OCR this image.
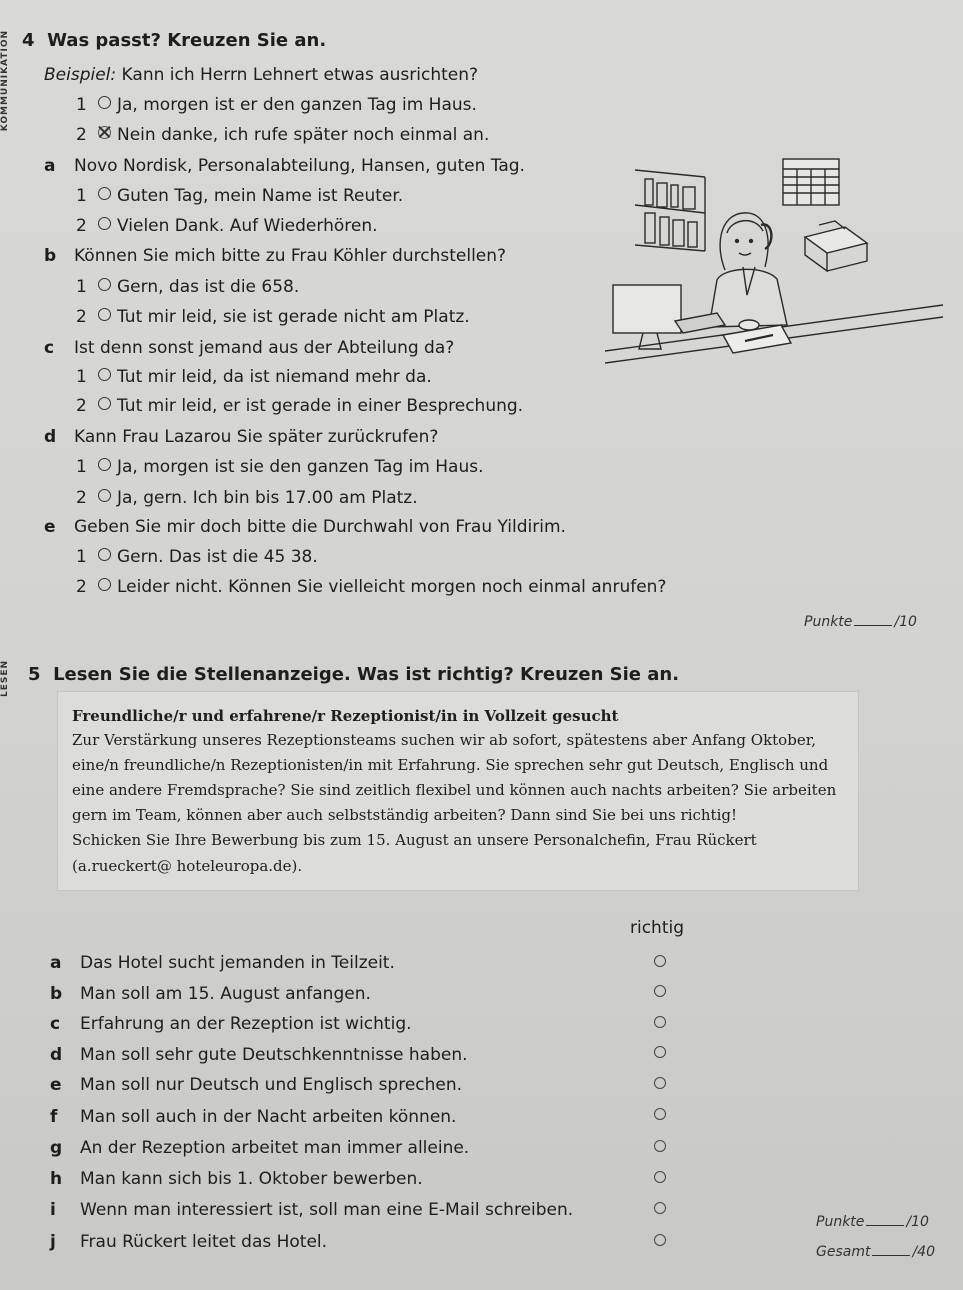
KOMMUNIKATION
LESEN
4 Was passt? Kreuzen Sie an.
Beispiel: Kann ich Herrn Lehnert etwas ausrichten?
1 Ja, morgen ist er den ganzen Tag im Haus.
2 Nein danke, ich rufe später noch einmal an.
a Novo Nordisk, Personalabteilung, Hansen, guten Tag.
1 Guten Tag, mein Name ist Reuter.
2 Vielen Dank. Auf Wiederhören.
b Können Sie mich bitte zu Frau Köhler durchstellen?
1 Gern, das ist die 658.
2 Tut mir leid, sie ist gerade nicht am Platz.
c Ist denn sonst jemand aus der Abteilung da?
1 Tut mir leid, da ist niemand mehr da.
2 Tut mir leid, er ist gerade in einer Besprechung.
d Kann Frau Lazarou Sie später zurückrufen?
1 Ja, morgen ist sie den ganzen Tag im Haus.
2 Ja, gern. Ich bin bis 17.00 am Platz.
e Geben Sie mir doch bitte die Durchwahl von Frau Yildirim.
1 Gern. Das ist die 45 38.
2 Leider nicht. Können Sie vielleicht morgen noch einmal anrufen?
Punkte	/10
5 Lesen Sie die Stellenanzeige. Was ist richtig? Kreuzen Sie an.
Freundliche/r und erfahrene/r Rezeptionist/in in Vollzeit gesucht
Zur Verstärkung unseres Rezeptionsteams suchen wir ab sofort, spätestens aber Anfang Oktober,
eine/n freundliche/n Rezeptionisten/in mit Erfahrung. Sie sprechen sehr gut Deutsch, Englisch und
eine andere Fremdsprache? Sie sind zeitlich flexibel und können auch nachts arbeiten? Sie arbeiten
gern im Team, können aber auch selbstständig arbeiten? Dann sind Sie bei uns richtig!
Schicken Sie Ihre Bewerbung bis zum 15. August an unsere Personalchefin, Frau Rückert
(a.rueckert@ hoteleuropa.de).
richtig
a Das Hotel sucht jemanden in Teilzeit.
b Man soll am 15. August anfangen.
c Erfahrung an der Rezeption ist wichtig.
d Man soll sehr gute Deutschkenntnisse haben.
e Man soll nur Deutsch und Englisch sprechen.
f Man soll auch in der Nacht arbeiten können.
g An der Rezeption arbeitet man immer alleine.
h Man kann sich bis 1. Oktober bewerben.
i Wenn man interessiert ist, soll man eine E-Mail schreiben.
j Frau Rückert leitet das Hotel.
Punkte	/10
Gesamt	/40
